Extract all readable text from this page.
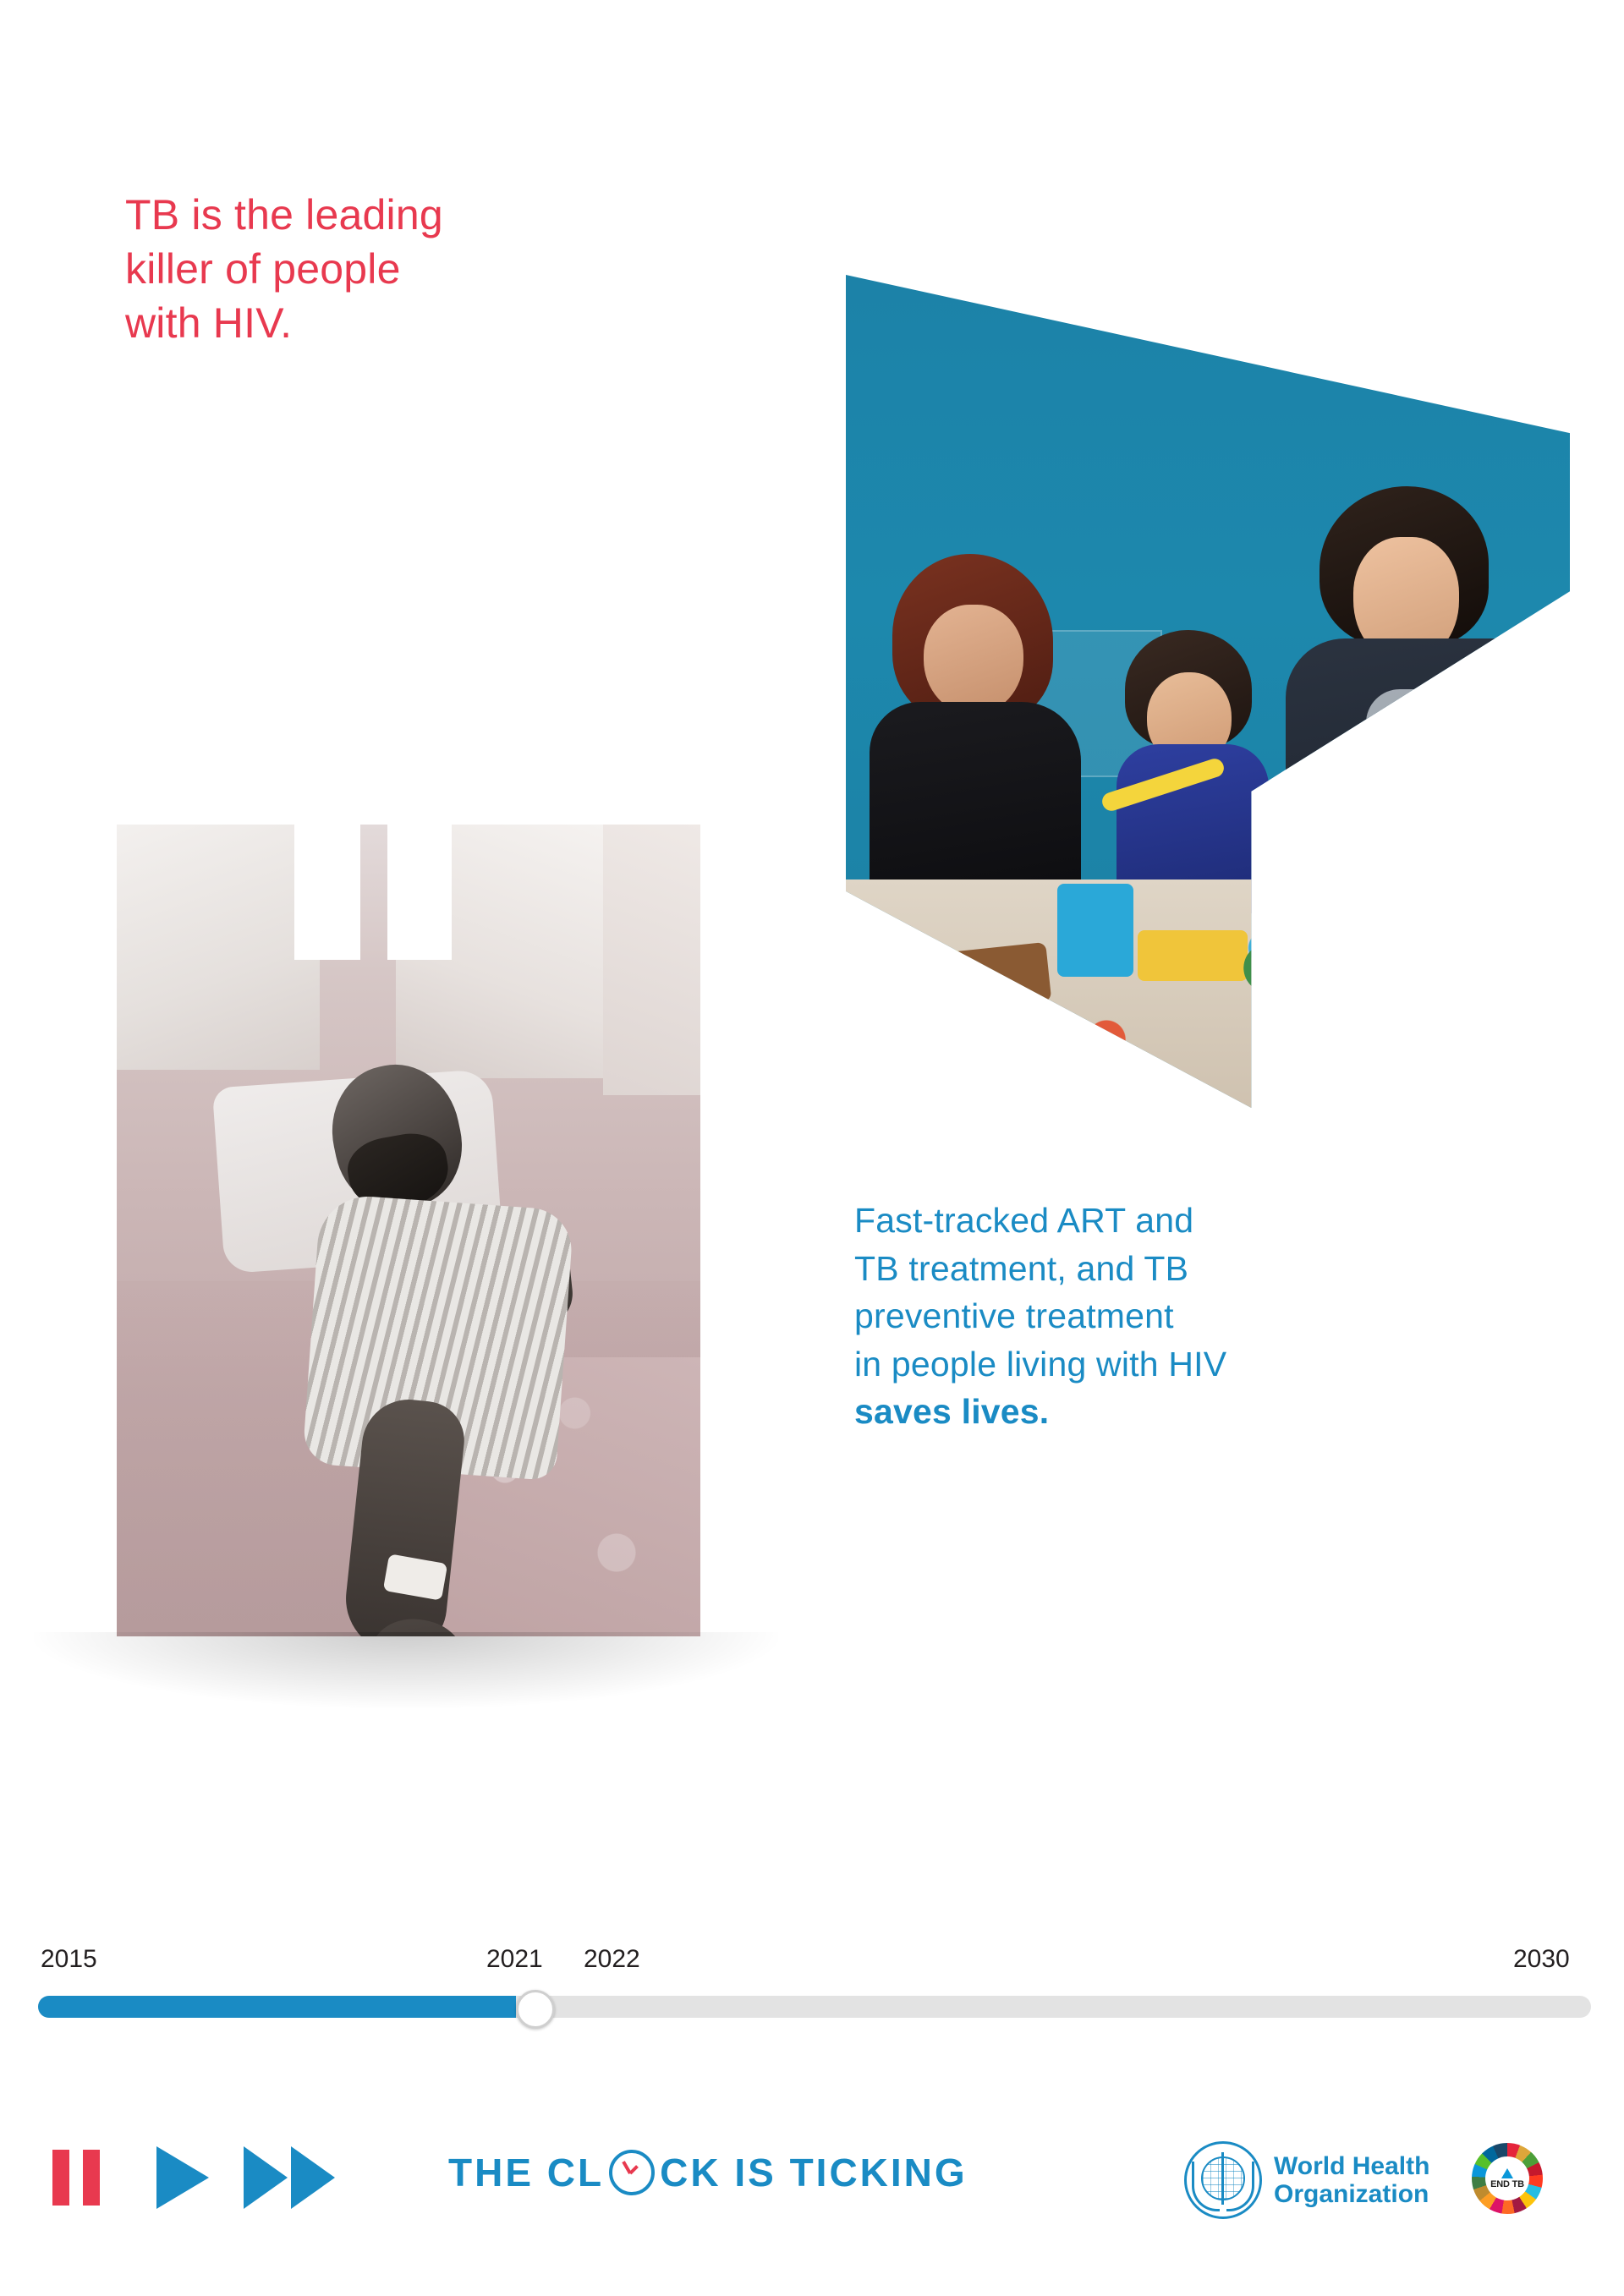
TB is the leading
killer of people
with HIV.
Fast-tracked ART and
TB treatment, and TB
preventive treatment
in people living with HIV
saves lives.
2015	2021 2022	2030
THE CL CK IS TICKING	World Health
Organization	END TB
